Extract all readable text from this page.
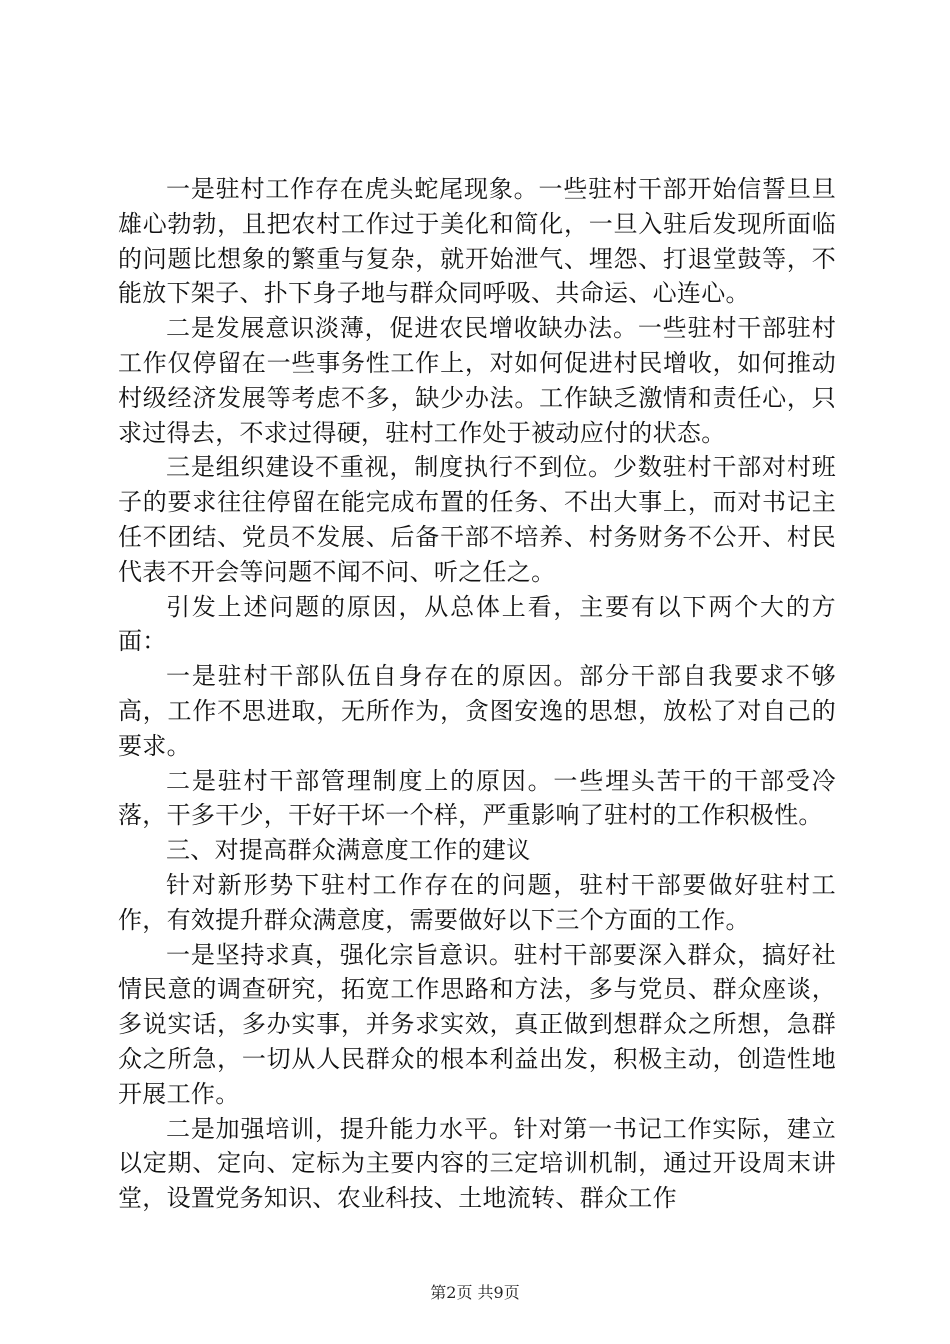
一是驻村工作存在虎头蛇尾现象。一些驻村干部开始信誓旦旦雄心勃勃，且把农村工作过于美化和简化，一旦入驻后发现所面临的问题比想象的繁重与复杂，就开始泄气、埋怨、打退堂鼓等，不能放下架子、扑下身子地与群众同呼吸、共命运、心连心。

二是发展意识淡薄，促进农民增收缺办法。一些驻村干部驻村工作仅停留在一些事务性工作上，对如何促进村民增收，如何推动村级经济发展等考虑不多，缺少办法。工作缺乏激情和责任心，只求过得去，不求过得硬，驻村工作处于被动应付的状态。

三是组织建设不重视，制度执行不到位。少数驻村干部对村班子的要求往往停留在能完成布置的任务、不出大事上，而对书记主任不团结、党员不发展、后备干部不培养、村务财务不公开、村民代表不开会等问题不闻不问、听之任之。

引发上述问题的原因，从总体上看，主要有以下两个大的方面：

一是驻村干部队伍自身存在的原因。部分干部自我要求不够高，工作不思进取，无所作为，贪图安逸的思想，放松了对自己的要求。

二是驻村干部管理制度上的原因。一些埋头苦干的干部受冷落，干多干少，干好干坏一个样，严重影响了驻村的工作积极性。

三、对提高群众满意度工作的建议

针对新形势下驻村工作存在的问题，驻村干部要做好驻村工作，有效提升群众满意度，需要做好以下三个方面的工作。

一是坚持求真，强化宗旨意识。驻村干部要深入群众，搞好社情民意的调查研究，拓宽工作思路和方法，多与党员、群众座谈，多说实话，多办实事，并务求实效，真正做到想群众之所想，急群众之所急，一切从人民群众的根本利益出发，积极主动，创造性地开展工作。

二是加强培训，提升能力水平。针对第一书记工作实际，建立以定期、定向、定标为主要内容的三定培训机制，通过开设周末讲堂，设置党务知识、农业科技、土地流转、群众工作

第2页 共9页
